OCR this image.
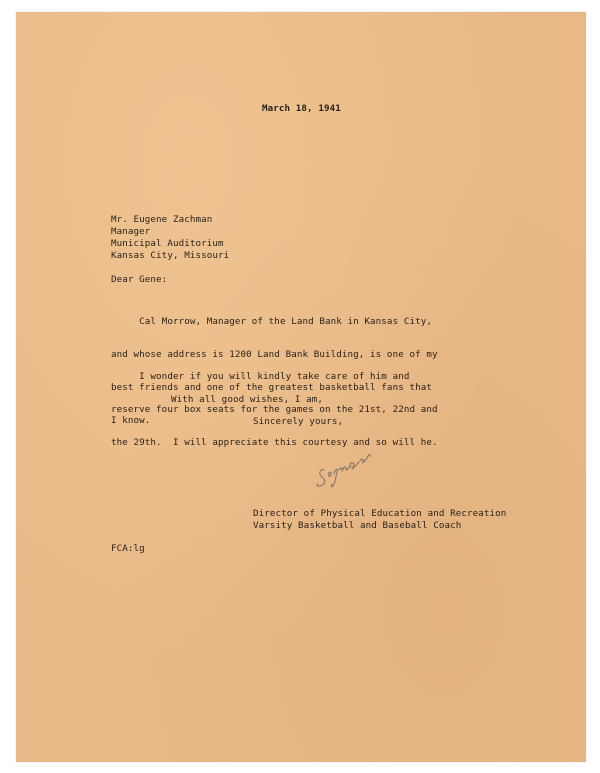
March 18, 1941
Mr. Eugene Zachman
Manager
Municipal Auditorium
Kansas City, Missouri
Dear Gene:

Cal Morrow, Manager of the Land Bank in Kansas City,

and whose address is 1200 Land Bank Building, is one of my

best friends and one of the greatest basketball fans that

I know.

I wonder if you will kindly take care of him and

reserve four box seats for the games on the 21st, 22nd and

the 29th.  I will appreciate this courtesy and so will he.

With all good wishes, I am,
Sincerely yours,
Director of Physical Education and Recreation
Varsity Basketball and Baseball Coach
FCA:lg
